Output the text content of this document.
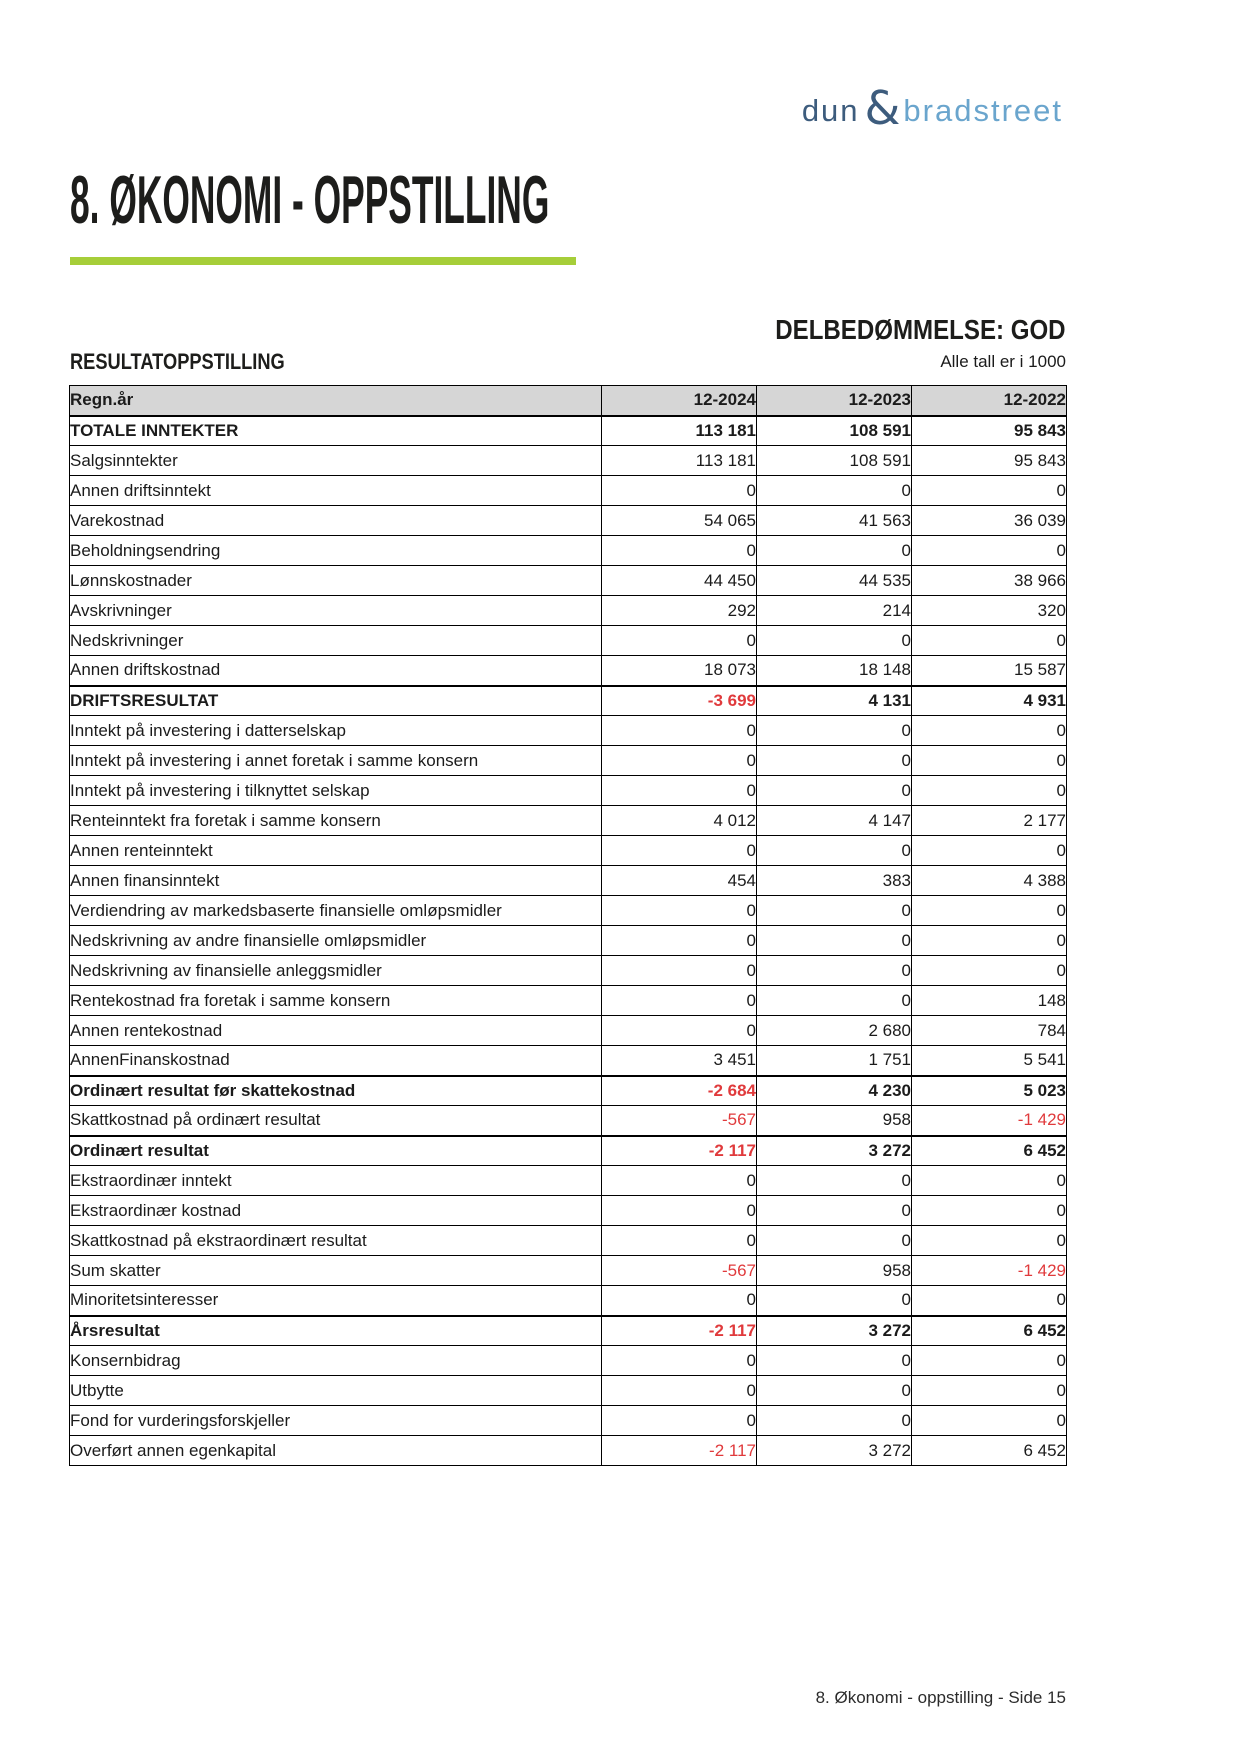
dun & bradstreet
8. ØKONOMI - OPPSTILLING
DELBEDØMMELSE: GOD
RESULTATOPPSTILLING	Alle tall er i 1000
Regn.år	12-2024	12-2023	12-2022
TOTALE INNTEKTER	113 181	108 591	95 843
Salgsinntekter	113 181	108 591	95 843
Annen driftsinntekt	0	0	0
Varekostnad	54 065	41 563	36 039
Beholdningsendring	0	0	0
Lønnskostnader	44 450	44 535	38 966
Avskrivninger	292	214	320
Nedskrivninger	0	0	0
Annen driftskostnad	18 073	18 148	15 587
DRIFTSRESULTAT	-3 699	4 131	4 931
Inntekt på investering i datterselskap	0	0	0
Inntekt på investering i annet foretak i samme konsern	0	0	0
Inntekt på investering i tilknyttet selskap	0	0	0
Renteinntekt fra foretak i samme konsern	4 012	4 147	2 177
Annen renteinntekt	0	0	0
Annen finansinntekt	454	383	4 388
Verdiendring av markedsbaserte finansielle omløpsmidler	0	0	0
Nedskrivning av andre finansielle omløpsmidler	0	0	0
Nedskrivning av finansielle anleggsmidler	0	0	0
Rentekostnad fra foretak i samme konsern	0	0	148
Annen rentekostnad	0	2 680	784
AnnenFinanskostnad	3 451	1 751	5 541
Ordinært resultat før skattekostnad	-2 684	4 230	5 023
Skattkostnad på ordinært resultat	-567	958	-1 429
Ordinært resultat	-2 117	3 272	6 452
Ekstraordinær inntekt	0	0	0
Ekstraordinær kostnad	0	0	0
Skattkostnad på ekstraordinært resultat	0	0	0
Sum skatter	-567	958	-1 429
Minoritetsinteresser	0	0	0
Årsresultat	-2 117	3 272	6 452
Konsernbidrag	0	0	0
Utbytte	0	0	0
Fond for vurderingsforskjeller	0	0	0
Overført annen egenkapital	-2 117	3 272	6 452
8. Økonomi - oppstilling - Side 15
